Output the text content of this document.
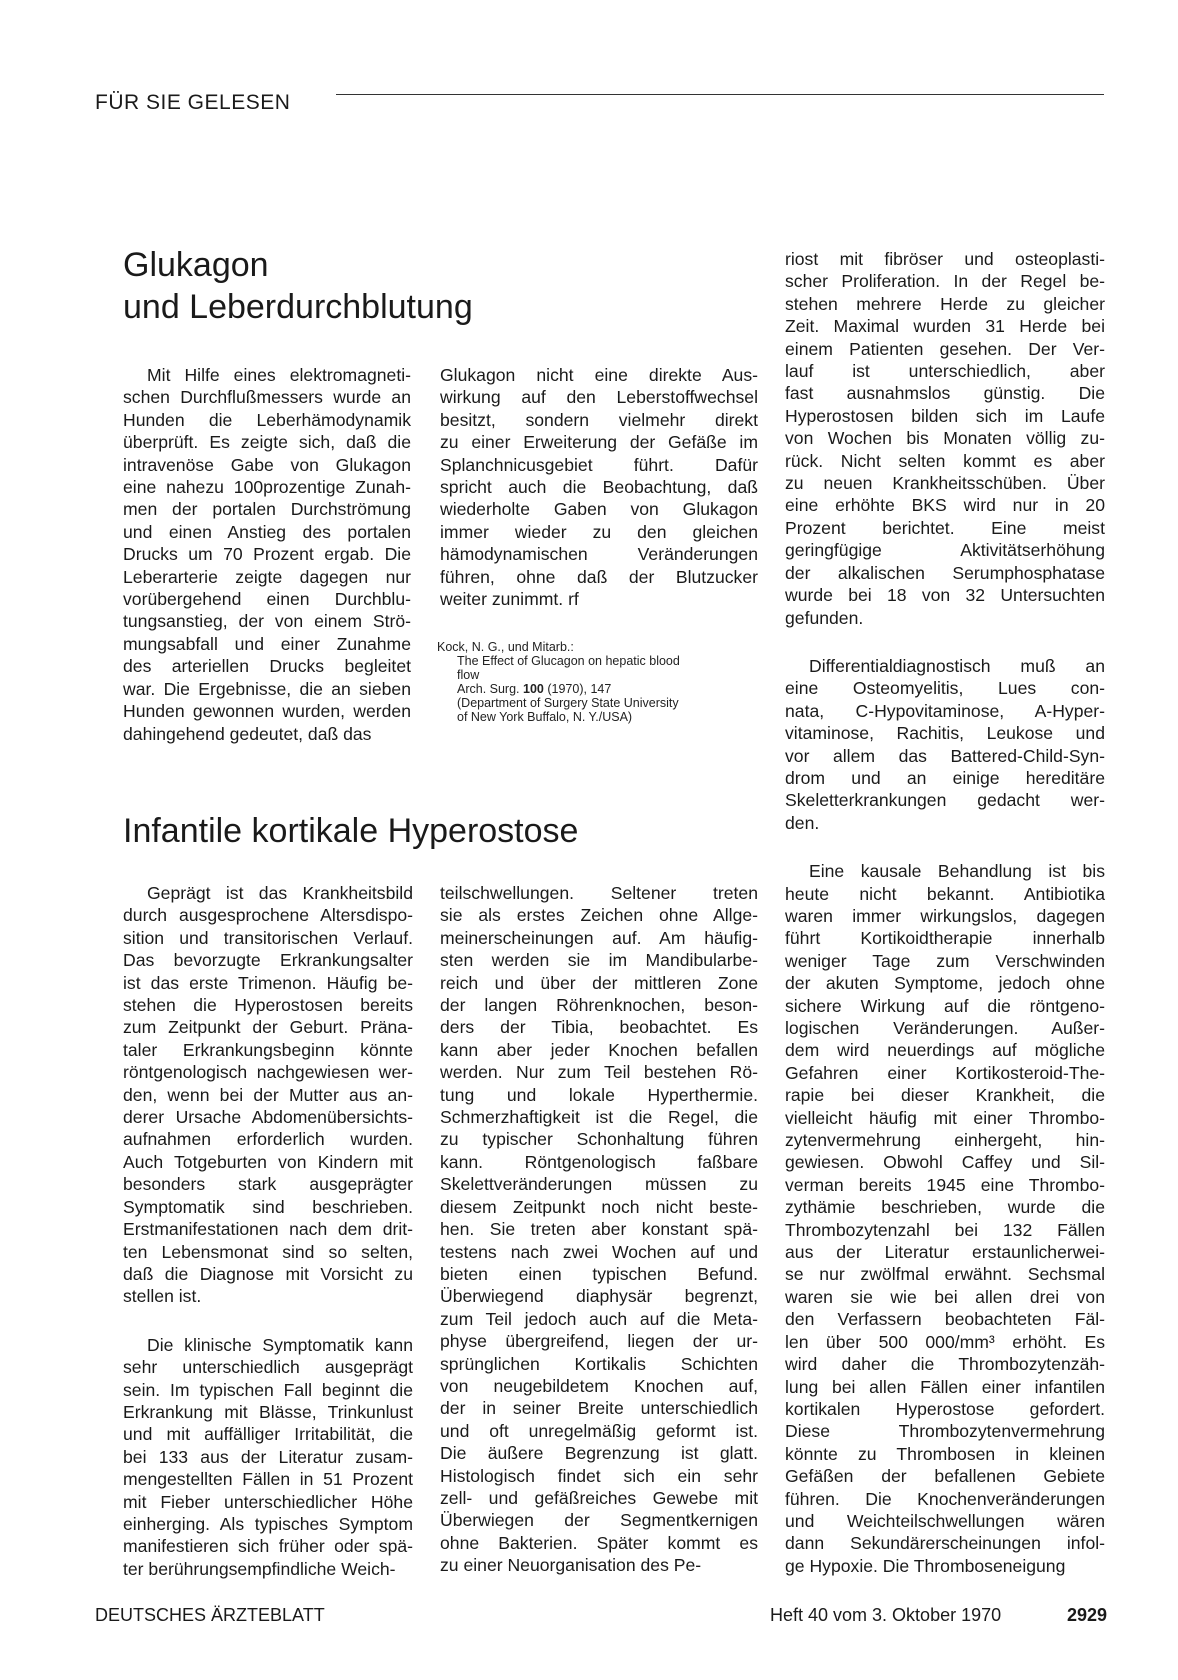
FÜR SIE GELESEN
Glukagon
und Leberdurchblutung
Mit Hilfe eines elektromagneti-
schen Durchflußmessers wurde an
Hunden die Leberhämodynamik
überprüft. Es zeigte sich, daß die
intravenöse Gabe von Glukagon
eine nahezu 100prozentige Zunah-
men der portalen Durchströmung
und einen Anstieg des portalen
Drucks um 70 Prozent ergab. Die
Leberarterie zeigte dagegen nur
vorübergehend einen Durchblu-
tungsanstieg, der von einem Strö-
mungsabfall und einer Zunahme
des arteriellen Drucks begleitet
war. Die Ergebnisse, die an sieben
Hunden gewonnen wurden, werden
dahingehend gedeutet, daß das
Glukagon nicht eine direkte Aus-
wirkung auf den Leberstoffwechsel
besitzt, sondern vielmehr direkt
zu einer Erweiterung der Gefäße im
Splanchnicusgebiet führt. Dafür
spricht auch die Beobachtung, daß
wiederholte Gaben von Glukagon
immer wieder zu den gleichen
hämodynamischen Veränderungen
führen, ohne daß der Blutzucker
weiter zunimmt. rf
Kock, N. G., und Mitarb.:
The Effect of Glucagon on hepatic blood
flow
Arch. Surg. 100 (1970), 147
(Department of Surgery State University
of New York Buffalo, N. Y./USA)
Infantile kortikale Hyperostose
Geprägt ist das Krankheitsbild
durch ausgesprochene Altersdispo-
sition und transitorischen Verlauf.
Das bevorzugte Erkrankungsalter
ist das erste Trimenon. Häufig be-
stehen die Hyperostosen bereits
zum Zeitpunkt der Geburt. Pränа-
taler Erkrankungsbeginn könnte
röntgenologisch nachgewiesen wer-
den, wenn bei der Mutter aus an-
derer Ursache Abdomenübersichts-
aufnahmen erforderlich wurden.
Auch Totgeburten von Kindern mit
besonders stark ausgeprägter
Symptomatik sind beschrieben.
Erstmanifestationen nach dem drit-
ten Lebensmonat sind so selten,
daß die Diagnose mit Vorsicht zu
stellen ist.
Die klinische Symptomatik kann
sehr unterschiedlich ausgeprägt
sein. Im typischen Fall beginnt die
Erkrankung mit Blässe, Trinkunlust
und mit auffälliger Irritabilität, die
bei 133 aus der Literatur zusam-
mengestellten Fällen in 51 Prozent
mit Fieber unterschiedlicher Höhe
einherging. Als typisches Symptom
manifestieren sich früher oder spä-
ter berührungsempfindliche Weich-
teilschwellungen. Seltener treten
sie als erstes Zeichen ohne Allge-
meinerscheinungen auf. Am häufig-
sten werden sie im Mandibularbe-
reich und über der mittleren Zone
der langen Röhrenknochen, beson-
ders der Tibia, beobachtet. Es
kann aber jeder Knochen befallen
werden. Nur zum Teil bestehen Rö-
tung und lokale Hyperthermie.
Schmerzhaftigkeit ist die Regel, die
zu typischer Schonhaltung führen
kann. Röntgenologisch faßbare
Skelettveränderungen müssen zu
diesem Zeitpunkt noch nicht beste-
hen. Sie treten aber konstant spä-
testens nach zwei Wochen auf und
bieten einen typischen Befund.
Überwiegend diaphysär begrenzt,
zum Teil jedoch auch auf die Meta-
physe übergreifend, liegen der ur-
sprünglichen Kortikalis Schichten
von neugebildetem Knochen auf,
der in seiner Breite unterschiedlich
und oft unregelmäßig geformt ist.
Die äußere Begrenzung ist glatt.
Histologisch findet sich ein sehr
zell- und gefäßreiches Gewebe mit
Überwiegen der Segmentkernigen
ohne Bakterien. Später kommt es
zu einer Neuorganisation des Pe-
riost mit fibröser und osteoplasti-
scher Proliferation. In der Regel be-
stehen mehrere Herde zu gleicher
Zeit. Maximal wurden 31 Herde bei
einem Patienten gesehen. Der Ver-
lauf ist unterschiedlich, aber
fast ausnahmslos günstig. Die
Hyperostosen bilden sich im Laufe
von Wochen bis Monaten völlig zu-
rück. Nicht selten kommt es aber
zu neuen Krankheitsschüben. Über
eine erhöhte BKS wird nur in 20
Prozent berichtet. Eine meist
geringfügige Aktivitätserhöhung
der alkalischen Serumphosphatase
wurde bei 18 von 32 Untersuchten
gefunden.
Differentialdiagnostisch muß an
eine Osteomyelitis, Lues con-
nata, C-Hypovitaminose, A-Hyper-
vitaminose, Rachitis, Leukose und
vor allem das Battered-Child-Syn-
drom und an einige hereditäre
Skeletterkrankungen gedacht wer-
den.
Eine kausale Behandlung ist bis
heute nicht bekannt. Antibiotika
waren immer wirkungslos, dagegen
führt Kortikoidtherapie innerhalb
weniger Tage zum Verschwinden
der akuten Symptome, jedoch ohne
sichere Wirkung auf die röntgeno-
logischen Veränderungen. Außer-
dem wird neuerdings auf mögliche
Gefahren einer Kortikosteroid-The-
rapie bei dieser Krankheit, die
vielleicht häufig mit einer Thrombo-
zytenvermehrung einhergeht, hin-
gewiesen. Obwohl Caffey und Sil-
verman bereits 1945 eine Thrombo-
zythämie beschrieben, wurde die
Thrombozytenzahl bei 132 Fällen
aus der Literatur erstaunlicherwei-
se nur zwölfmal erwähnt. Sechsmal
waren sie wie bei allen drei von
den Verfassern beobachteten Fäl-
len über 500 000/mm³ erhöht. Es
wird daher die Thrombozytenzäh-
lung bei allen Fällen einer infantilen
kortikalen Hyperostose gefordert.
Diese Thrombozytenvermehrung
könnte zu Thrombosen in kleinen
Gefäßen der befallenen Gebiete
führen. Die Knochenveränderungen
und Weichteilschwellungen wären
dann Sekundärerscheinungen infol-
ge Hypoxie. Die Thromboseneigung
DEUTSCHES ÄRZTEBLATT	Heft 40 vom 3. Oktober 1970	2929
